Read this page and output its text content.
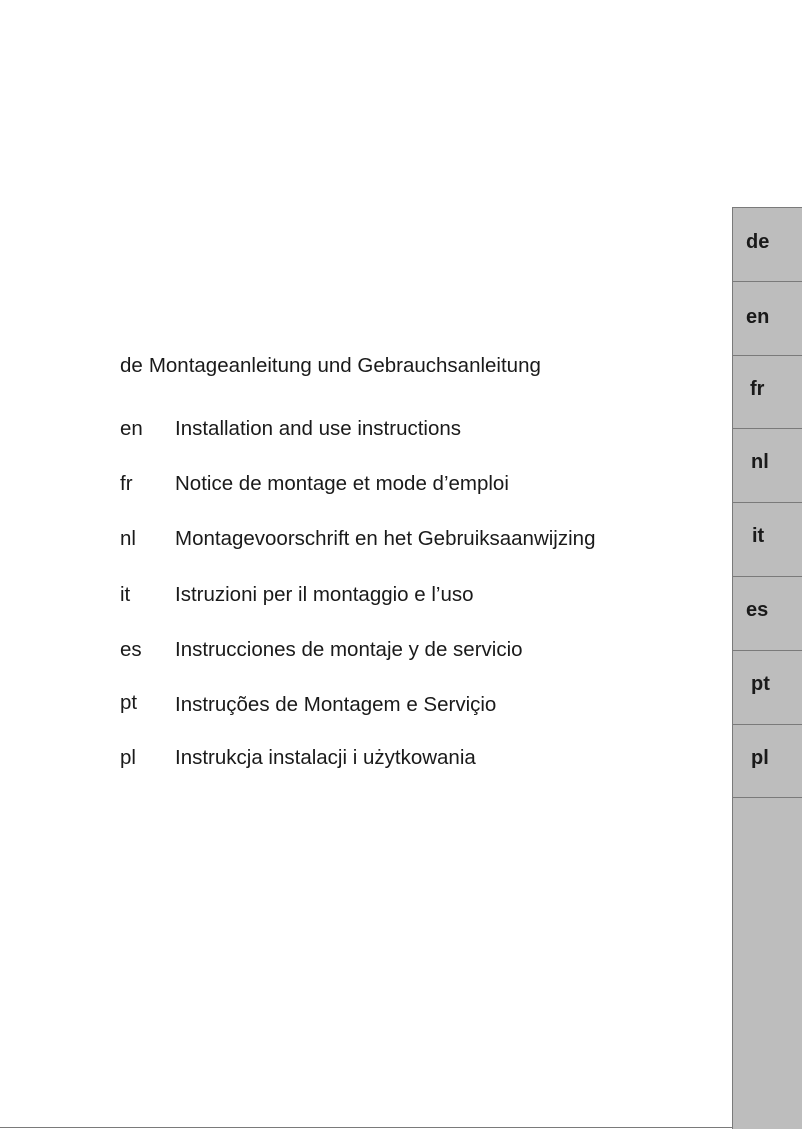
de Montageanleitung und Gebrauchsanleitung
en Installation and use instructions
fr Notice de montage et mode d’emploi
nl Montagevoorschrift en het Gebruiksaanwijzing
it Istruzioni per il montaggio e l’uso
es Instrucciones de montaje y de servicio
pt Instruções de Montagem e Serviçio
pl Instrukcja instalacji i użytkowania
de
en
fr
nl
it
es
pt
pl
